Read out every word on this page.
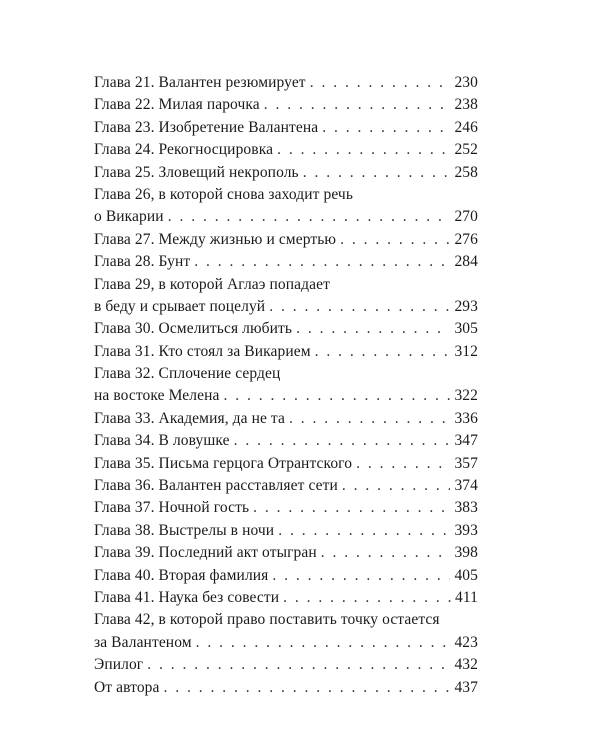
Глава 21. Валантен резюмирует . . .	230
Глава 22. Милая парочка . . .	238
Глава 23. Изобретение Валантена . . .	246
Глава 24. Рекогносцировка . . .	252
Глава 25. Зловещий некрополь . . .	258
Глава 26, в которой снова заходит речь
о Викарии . . .	270
Глава 27. Между жизнью и смертью . . .	276
Глава 28. Бунт . . .	284
Глава 29, в которой Аглаэ попадает
в беду и срывает поцелуй . . .	293
Глава 30. Осмелиться любить . . .	305
Глава 31. Кто стоял за Викарием . . .	312
Глава 32. Сплочение сердец
на востоке Мелена . . .	322
Глава 33. Академия, да не та . . .	336
Глава 34. В ловушке . . .	347
Глава 35. Письма герцога Отрантского . . .	357
Глава 36. Валантен расставляет сети . . .	374
Глава 37. Ночной гость . . .	383
Глава 38. Выстрелы в ночи . . .	393
Глава 39. Последний акт отыгран . . .	398
Глава 40. Вторая фамилия . . .	405
Глава 41. Наука без совести . . .	411
Глава 42, в которой право поставить точку остается
за Валантеном . . .	423
Эпилог . . .	432
От автора . . .	437
